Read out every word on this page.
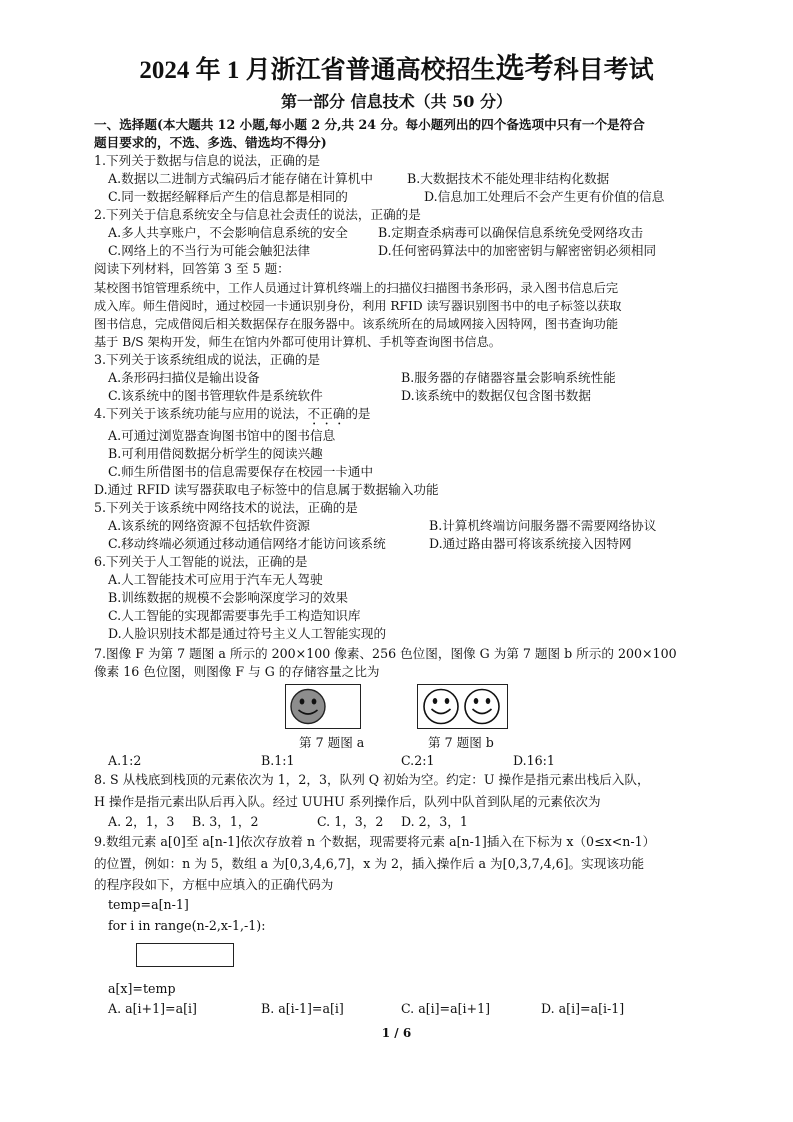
2024 年 1 月浙江省普通高校招生选考科目考试
第一部分 信息技术（共 50 分）
一、选择题(本大题共 12 小题,每小题 2 分,共 24 分。每小题列出的四个备选项中只有一个是符合
题目要求的，不选、多选、错选均不得分)
1.下列关于数据与信息的说法，正确的是
A.数据以二进制方式编码后才能存储在计算机中	B.大数据技术不能处理非结构化数据
C.同一数据经解释后产生的信息都是相同的	D.信息加工处理后不会产生更有价值的信息
2.下列关于信息系统安全与信息社会责任的说法，正确的是
A.多人共享账户，不会影响信息系统的安全 B.定期查杀病毒可以确保信息系统免受网络攻击
C.网络上的不当行为可能会触犯法律	D.任何密码算法中的加密密钥与解密密钥必须相同
阅读下列材料，回答第 3 至 5 题：
某校图书馆管理系统中，工作人员通过计算机终端上的扫描仪扫描图书条形码，录入图书信息后完
成入库。师生借阅时，通过校园一卡通识别身份，利用 RFID 读写器识别图书中的电子标签以获取
图书信息，完成借阅后相关数据保存在服务器中。该系统所在的局域网接入因特网，图书查询功能
基于 B/S 架构开发，师生在馆内外都可使用计算机、手机等查询图书信息。
3.下列关于该系统组成的说法，正确的是
A.条形码扫描仪是输出设备	B.服务器的存储器容量会影响系统性能
C.该系统中的图书管理软件是系统软件	D.该系统中的数据仅包含图书数据
4.下列关于该系统功能与应用的说法，不正确的是
A.可通过浏览器查询图书馆中的图书信息
B.可利用借阅数据分析学生的阅读兴趣
C.师生所借图书的信息需要保存在校园一卡通中
D.通过 RFID 读写器获取电子标签中的信息属于数据输入功能
5.下列关于该系统中网络技术的说法，正确的是
A.该系统的网络资源不包括软件资源	B.计算机终端访问服务器不需要网络协议
C.移动终端必须通过移动通信网络才能访问该系统	D.通过路由器可将该系统接入因特网
6.下列关于人工智能的说法，正确的是
A.人工智能技术可应用于汽车无人驾驶
B.训练数据的规模不会影响深度学习的效果
C.人工智能的实现都需要事先手工构造知识库
D.人脸识别技术都是通过符号主义人工智能实现的
7.图像 F 为第 7 题图 a 所示的 200×100 像素、256 色位图，图像 G 为第 7 题图 b 所示的 200×100
像素 16 色位图，则图像 F 与 G 的存储容量之比为
第 7 题图 a	第 7 题图 b
A.1:2	B.1:1	C.2:1	D.16:1
8. S 从栈底到栈顶的元素依次为 1，2，3，队列 Q 初始为空。约定：U 操作是指元素出栈后入队，
H 操作是指元素出队后再入队。经过 UUHU 系列操作后，队列中队首到队尾的元素依次为
A. 2，1，3 B. 3，1，2	C. 1，3，2 D. 2，3，1
9.数组元素 a[0]至 a[n-1]依次存放着 n 个数据，现需要将元素 a[n-1]插入在下标为 x（0≤x<n-1）
的位置，例如：n 为 5，数组 a 为[0,3,4,6,7]，x 为 2，插入操作后 a 为[0,3,7,4,6]。实现该功能
的程序段如下，方框中应填入的正确代码为
temp=a[n-1]
for i in range(n-2,x-1,-1):
a[x]=temp
A. a[i+1]=a[i]	B. a[i-1]=a[i]	C. a[i]=a[i+1]	D. a[i]=a[i-1]
1 / 6
